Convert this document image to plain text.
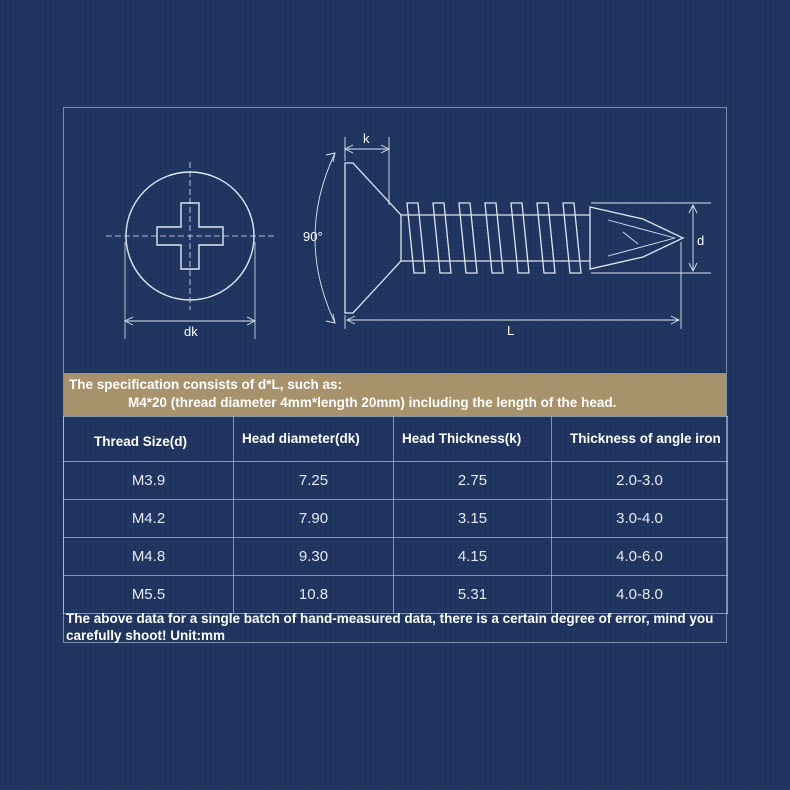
dk
k
90°
L
d
The specification consists of d*L, such as:
M4*20 (thread diameter 4mm*length 20mm) including the length of the head.
Thread Size(d)	Head diameter(dk)	Head Thickness(k)	Thickness of angle iron
M3.9	7.25	2.75	2.0-3.0
M4.2	7.90	3.15	3.0-4.0
M4.8	9.30	4.15	4.0-6.0
M5.5	10.8	5.31	4.0-8.0
The above data for a single batch of hand-measured data, there is a certain degree of error, mind you carefully shoot! Unit:mm
